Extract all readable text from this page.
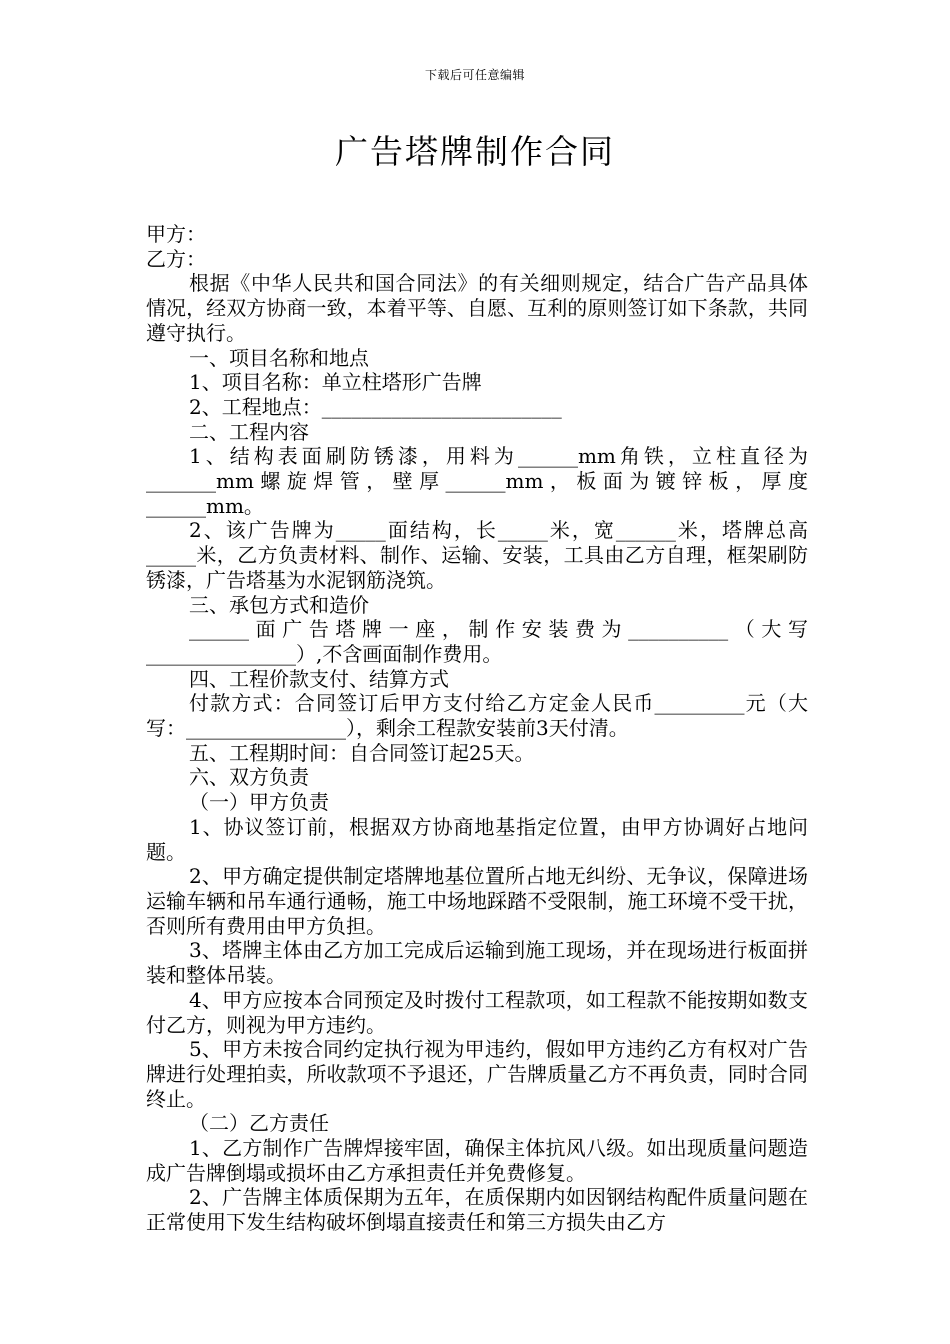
下载后可任意编辑
广告塔牌制作合同

甲方：

乙方：

根据《中华人民共和国合同法》的有关细则规定，结合广告产品具体情况，经双方协商一致，本着平等、自愿、互利的原则签订如下条款，共同遵守执行。

一、项目名称和地点

1、项目名称：单立柱塔形广告牌

2、工程地点：________________________

二、工程内容

1、结构表面刷防锈漆，用料为______mm角铁，立柱直径为_______mm螺旋焊管，壁厚______mm，板面为镀锌板，厚度______mm。

2、该广告牌为_____面结构，长_____米，宽______米，塔牌总高_____米，乙方负责材料、制作、运输、安装，工具由乙方自理，框架刷防锈漆，广告塔基为水泥钢筋浇筑。

三、承包方式和造价

______面广告塔牌一座，制作安装费为__________（大写_______________）,不含画面制作费用。

四、工程价款支付、结算方式

付款方式：合同签订后甲方支付给乙方定金人民币_________元（大写：________________），剩余工程款安装前3天付清。

五、工程期时间：自合同签订起25天。

六、双方负责

（一）甲方负责

1、协议签订前，根据双方协商地基指定位置，由甲方协调好占地问题。

2、甲方确定提供制定塔牌地基位置所占地无纠纷、无争议，保障进场运输车辆和吊车通行通畅，施工中场地踩踏不受限制，施工环境不受干扰，否则所有费用由甲方负担。

3、塔牌主体由乙方加工完成后运输到施工现场，并在现场进行板面拼装和整体吊装。

4、甲方应按本合同预定及时拨付工程款项，如工程款不能按期如数支付乙方，则视为甲方违约。

5、甲方未按合同约定执行视为甲违约，假如甲方违约乙方有权对广告牌进行处理拍卖，所收款项不予退还，广告牌质量乙方不再负责，同时合同终止。

（二）乙方责任

1、乙方制作广告牌焊接牢固，确保主体抗风八级。如出现质量问题造成广告牌倒塌或损坏由乙方承担责任并免费修复。

2、广告牌主体质保期为五年，在质保期内如因钢结构配件质量问题在正常使用下发生结构破坏倒塌直接责任和第三方损失由乙方
